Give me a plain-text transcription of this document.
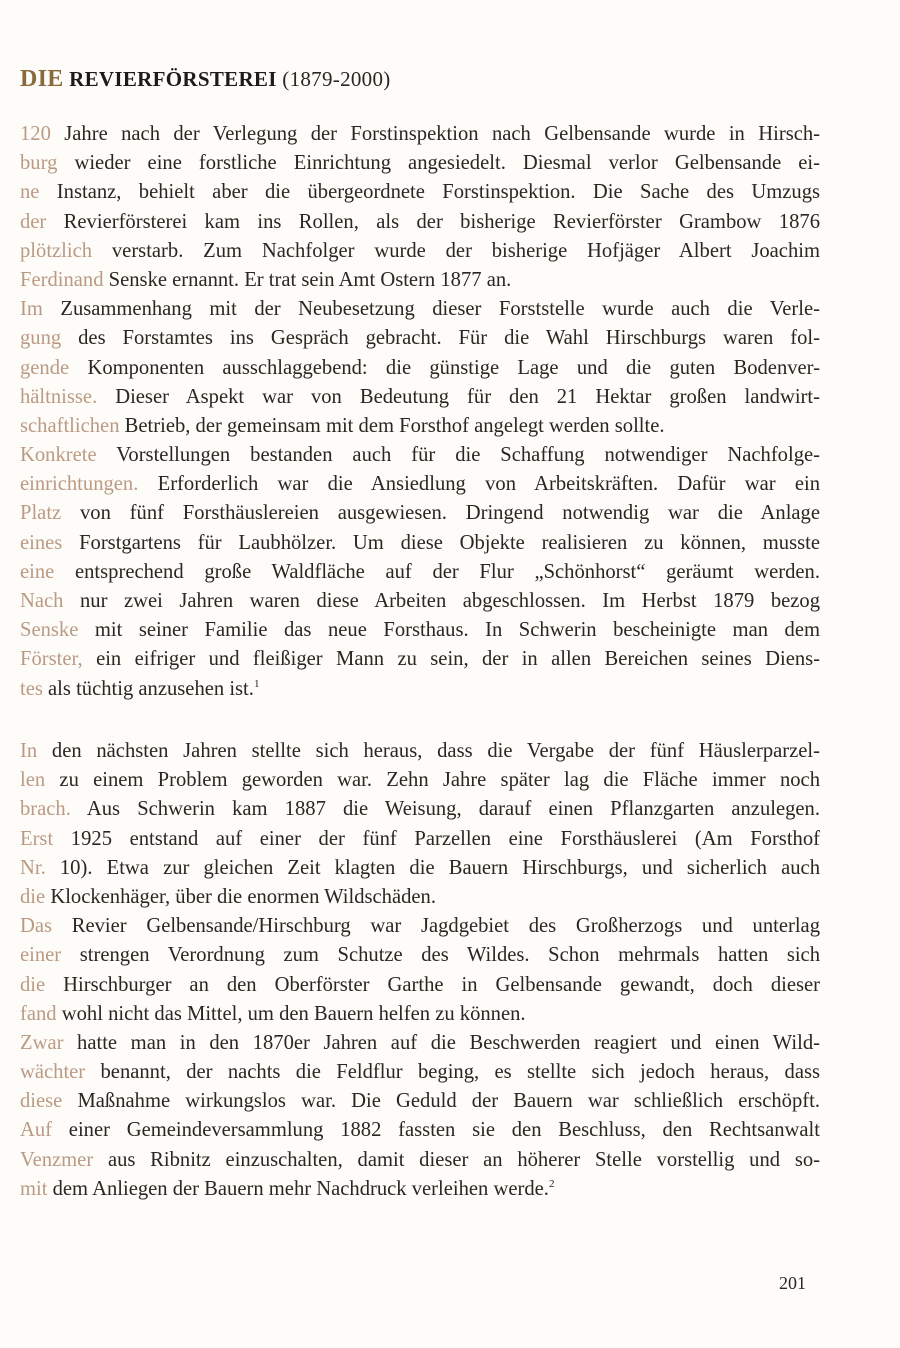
DIE REVIERFÖRSTEREI (1879-2000)
120 Jahre nach der Verlegung der Forstinspektion nach Gelbensande wurde in Hirsch-
burg wieder eine forstliche Einrichtung angesiedelt. Diesmal verlor Gelbensande ei-
ne Instanz, behielt aber die übergeordnete Forstinspektion. Die Sache des Umzugs
der Revierförsterei kam ins Rollen, als der bisherige Revierförster Grambow 1876
plötzlich verstarb. Zum Nachfolger wurde der bisherige Hofjäger Albert Joachim
Ferdinand Senske ernannt. Er trat sein Amt Ostern 1877 an.
Im Zusammenhang mit der Neubesetzung dieser Forststelle wurde auch die Verle-
gung des Forstamtes ins Gespräch gebracht. Für die Wahl Hirschburgs waren fol-
gende Komponenten ausschlaggebend: die günstige Lage und die guten Bodenver-
hältnisse. Dieser Aspekt war von Bedeutung für den 21 Hektar großen landwirt-
schaftlichen Betrieb, der gemeinsam mit dem Forsthof angelegt werden sollte.
Konkrete Vorstellungen bestanden auch für die Schaffung notwendiger Nachfolge-
einrichtungen. Erforderlich war die Ansiedlung von Arbeitskräften. Dafür war ein
Platz von fünf Forsthäuslereien ausgewiesen. Dringend notwendig war die Anlage
eines Forstgartens für Laubhölzer. Um diese Objekte realisieren zu können, musste
eine entsprechend große Waldfläche auf der Flur „Schönhorst“ geräumt werden.
Nach nur zwei Jahren waren diese Arbeiten abgeschlossen. Im Herbst 1879 bezog
Senske mit seiner Familie das neue Forsthaus. In Schwerin bescheinigte man dem
Förster, ein eifriger und fleißiger Mann zu sein, der in allen Bereichen seines Diens-
tes als tüchtig anzusehen ist.$^1$
In den nächsten Jahren stellte sich heraus, dass die Vergabe der fünf Häuslerparzel-
len zu einem Problem geworden war. Zehn Jahre später lag die Fläche immer noch
brach. Aus Schwerin kam 1887 die Weisung, darauf einen Pflanzgarten anzulegen.
Erst 1925 entstand auf einer der fünf Parzellen eine Forsthäuslerei (Am Forsthof
Nr. 10). Etwa zur gleichen Zeit klagten die Bauern Hirschburgs, und sicherlich auch
die Klockenhäger, über die enormen Wildschäden.
Das Revier Gelbensande/Hirschburg war Jagdgebiet des Großherzogs und unterlag
einer strengen Verordnung zum Schutze des Wildes. Schon mehrmals hatten sich
die Hirschburger an den Oberförster Garthe in Gelbensande gewandt, doch dieser
fand wohl nicht das Mittel, um den Bauern helfen zu können.
Zwar hatte man in den 1870er Jahren auf die Beschwerden reagiert und einen Wild-
wächter benannt, der nachts die Feldflur beging, es stellte sich jedoch heraus, dass
diese Maßnahme wirkungslos war. Die Geduld der Bauern war schließlich erschöpft.
Auf einer Gemeindeversammlung 1882 fassten sie den Beschluss, den Rechtsanwalt
Venzmer aus Ribnitz einzuschalten, damit dieser an höherer Stelle vorstellig und so-
mit dem Anliegen der Bauern mehr Nachdruck verleihen werde.$^2$
201
